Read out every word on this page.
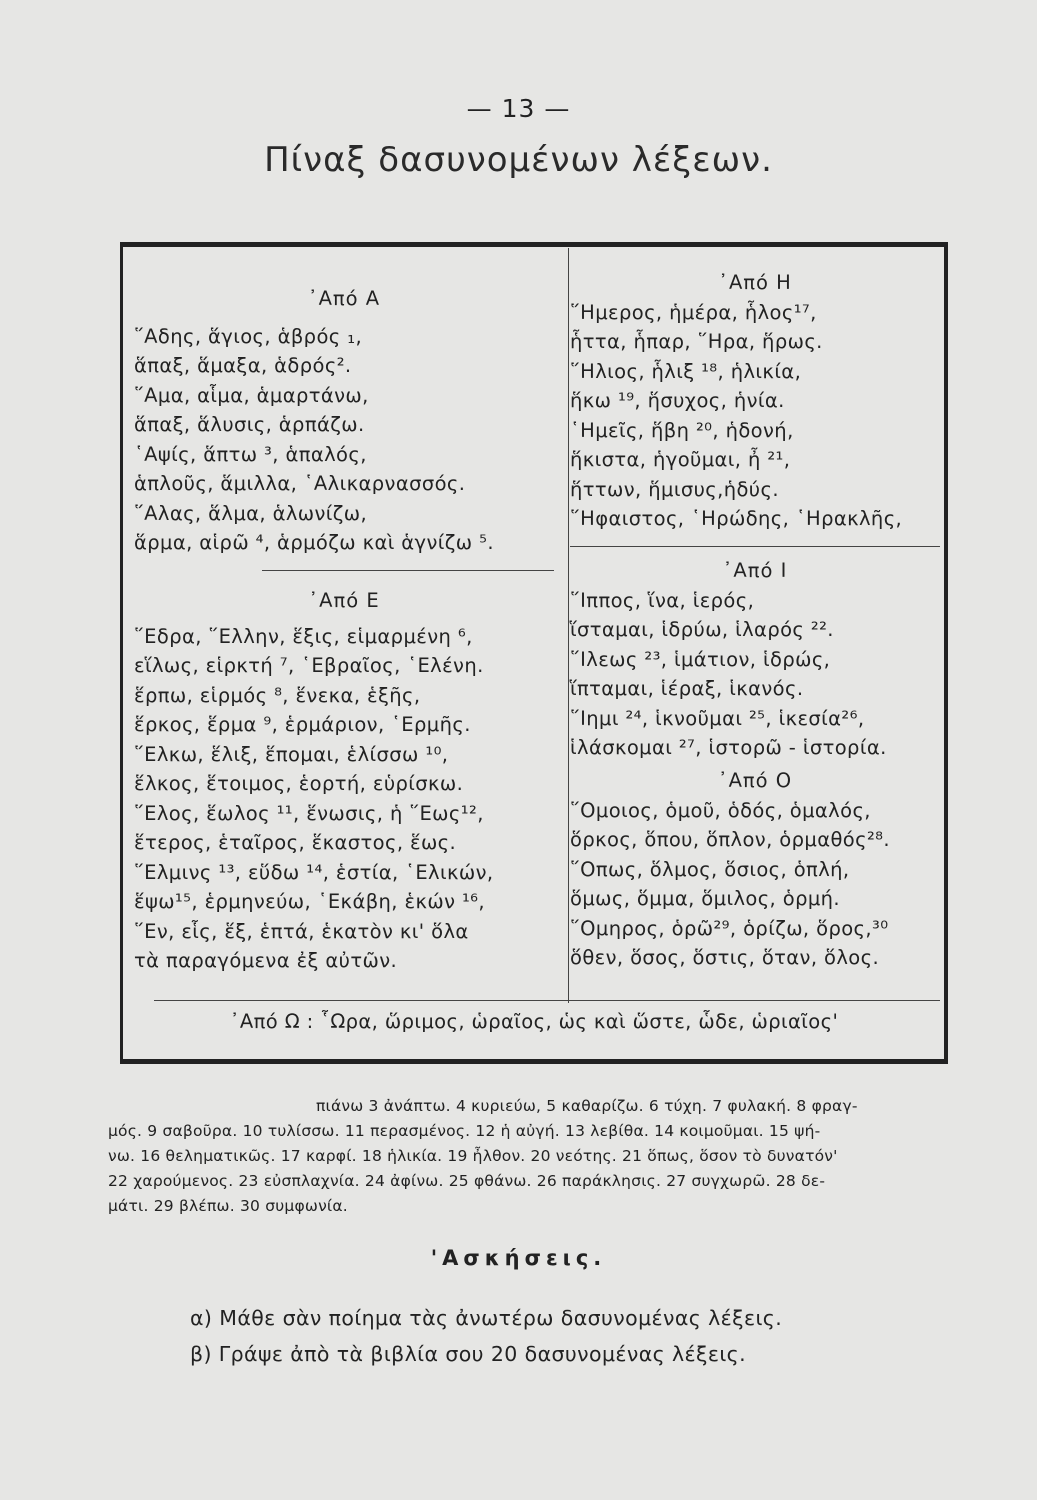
— 13 —
Πίναξ δασυνομένων λέξεων.
᾿Από Α
῞Αδης, ἅγιος, ἁβρός ₁,
ἅπαξ, ἅμαξα, ἁδρός².
῞Αμα, αἷμα, ἁμαρτάνω,
ἅπαξ, ἅλυσις, ἁρπάζω.
῾Αψίς, ἅπτω ³, ἁπαλός,
ἁπλοῦς, ἅμιλλα, ῾Αλικαρνασσός.
῞Αλας, ἅλμα, ἁλωνίζω,
ἅρμα, αἱρῶ ⁴, ἁρμόζω καὶ ἁγνίζω ⁵.
᾿Από Ε
῞Εδρα, ῞Ελλην, ἕξις, εἱμαρμένη ⁶,
εἵλως, εἱρκτή ⁷, ῾Εβραῖος, ῾Ελένη.
ἕρπω, εἱρμός ⁸, ἕνεκα, ἑξῆς,
ἕρκος, ἕρμα ⁹, ἑρμάριον, ῾Ερμῆς.
῞Ελκω, ἕλιξ, ἕπομαι, ἑλίσσω ¹⁰,
ἕλκος, ἕτοιμος, ἑορτή, εὑρίσκω.
῞Ελος, ἕωλος ¹¹, ἕνωσις, ἡ ῞Εως¹²,
ἕτερος, ἑταῖρος, ἕκαστος, ἕως.
῞Ελμινς ¹³, εὕδω ¹⁴, ἑστία, ῾Ελικών,
ἕψω¹⁵, ἑρμηνεύω, ῾Εκάβη, ἑκών ¹⁶,
῞Εν, εἷς, ἕξ, ἑπτά, ἑκατὸν κι' ὅλα
τὰ παραγόμενα ἐξ αὐτῶν.
᾿Από Η
῞Ημερος, ἡμέρα, ἧλος¹⁷,
ἧττα, ἧπαρ, ῞Ηρα, ἥρως.
῞Ηλιος, ἧλιξ ¹⁸, ἡλικία,
ἥκω ¹⁹, ἥσυχος, ἡνία.
῾Ημεῖς, ἥβη ²⁰, ἡδονή,
ἥκιστα, ἡγοῦμαι, ἦ ²¹,
ἥττων, ἥμισυς,ἡδύς.
῞Ηφαιστος, ῾Ηρώδης, ῾Ηρακλῆς,
᾿Από Ι
῞Ιππος, ἵνα, ἱερός,
ἵσταμαι, ἱδρύω, ἱλαρός ²².
῞Ιλεως ²³, ἱμάτιον, ἱδρώς,
ἵπταμαι, ἱέραξ, ἱκανός.
῞Ιημι ²⁴, ἱκνοῦμαι ²⁵, ἱκεσία²⁶,
ἱλάσκομαι ²⁷, ἱστορῶ - ἱστορία.
᾿Από Ο
῞Ομοιος, ὁμοῦ, ὁδός, ὁμαλός,
ὅρκος, ὅπου, ὅπλον, ὁρμαθός²⁸.
῞Οπως, ὅλμος, ὅσιος, ὁπλή,
ὅμως, ὅμμα, ὅμιλος, ὁρμή.
῞Ομηρος, ὁρῶ²⁹, ὁρίζω, ὅρος,³⁰
ὅθεν, ὅσος, ὅστις, ὅταν, ὅλος.
᾿Από Ω : ῟Ωρα, ὥριμος, ὡραῖος, ὡς καὶ ὥστε, ὧδε, ὡριαῖος'
πιάνω 3 ἀνάπτω. 4 κυριεύω, 5 καθαρίζω. 6 τύχη. 7 φυλακή. 8 φραγ-
μός. 9 σαβοῦρα. 10 τυλίσσω. 11 περασμένος. 12 ἡ αὐγή. 13 λεβίθα. 14 κοιμοῦμαι. 15 ψή-
νω. 16 θεληματικῶς. 17 καρφί. 18 ἡλικία. 19 ἦλθον. 20 νεότης. 21 ὅπως, ὅσον τὸ δυνατόν'
22 χαρούμενος. 23 εὐσπλαχνία. 24 ἀφίνω. 25 φθάνω. 26 παράκλησις. 27 συγχωρῶ. 28 δε-
μάτι. 29 βλέπω. 30 συμφωνία.
'Ασκήσεις.
α) Μάθε σὰν ποίημα τὰς ἀνωτέρω δασυνομένας λέξεις.
β) Γράψε ἀπὸ τὰ βιβλία σου 20 δασυνομένας λέξεις.
